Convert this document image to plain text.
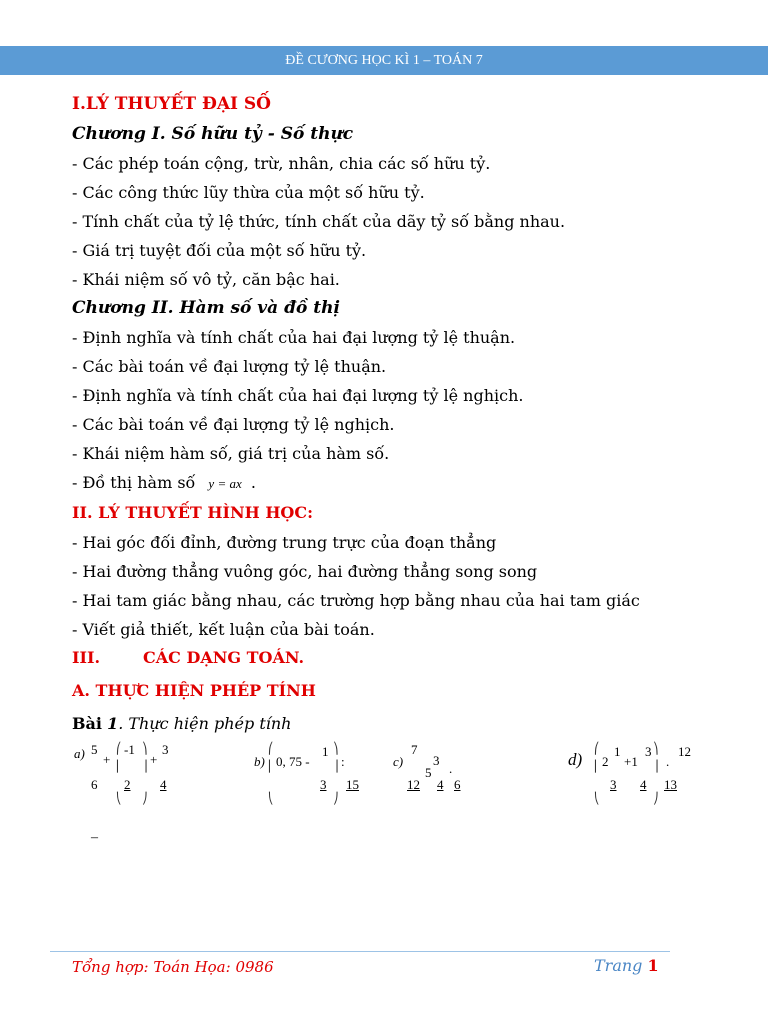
ĐỀ CƯƠNG HỌC KÌ 1 – TOÁN 7
I.LÝ THUYẾT ĐẠI SỐ
Chương I. Số hữu tỷ - Số thực
- Các phép toán cộng, trừ, nhân, chia các số hữu tỷ.
- Các công thức lũy thừa của một số hữu tỷ.
- Tính chất của tỷ lệ thức, tính chất của dãy tỷ số bằng nhau.
- Giá trị tuyệt đối của một số hữu tỷ.
- Khái niệm số vô tỷ, căn bậc hai.
Chương II. Hàm số và đồ thị
- Định nghĩa và tính chất của hai đại lượng tỷ lệ thuận.
- Các bài toán về đại lượng tỷ lệ thuận.
- Định nghĩa và tính chất của hai đại lượng tỷ lệ nghịch.
- Các bài toán về đại lượng tỷ lệ nghịch.
- Khái niệm hàm số, giá trị của hàm số.
- Đồ thị hàm số y = ax .
II. LÝ THUYẾT HÌNH HỌC:
- Hai góc đối đỉnh, đường trung trực của đoạn thẳng
- Hai đường thẳng vuông góc, hai đường thẳng song song
- Hai tam giác bằng nhau, các trường hợp bằng nhau của hai tam giác
- Viết giả thiết, kết luận của bài toán.
III.	CÁC DẠNG TOÁN.
A. THỰC HIỆN PHÉP TÍNH
Bài 1. Thực hiện phép tính
a) 5
+
⎛ -1 ⎞
+
3
⎜ ⎟
6 2 4
⎝ ⎠
b)
⎛
0, 75 -
1 ⎞
:
⎜	⎟
3 15
⎝	⎠
c)
7
3
5 .
12 4 6
d)
⎛
2
1
+1
3 ⎞
.
12
⎜	⎟
3 4 13
⎝	⎠
–
Tổng hợp: Toán Họa: 0986	Trang 1
